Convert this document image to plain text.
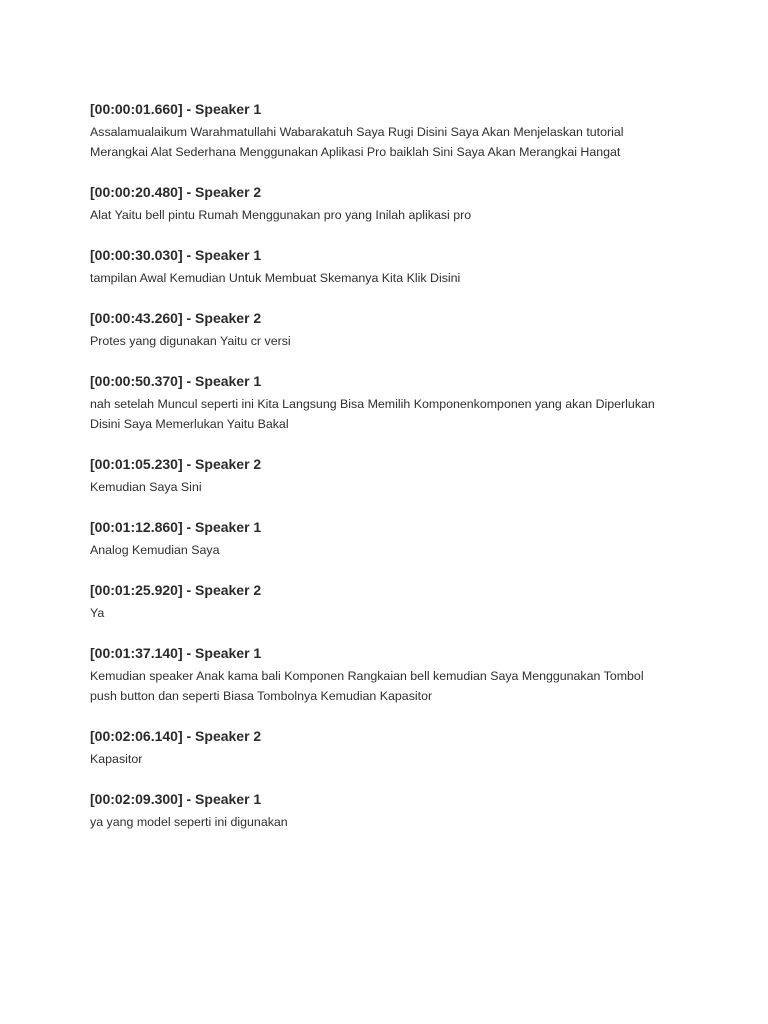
[00:00:01.660] - Speaker 1
Assalamualaikum Warahmatullahi Wabarakatuh Saya Rugi Disini Saya Akan Menjelaskan tutorial
Merangkai Alat Sederhana Menggunakan Aplikasi Pro baiklah Sini Saya Akan Merangkai Hangat
[00:00:20.480] - Speaker 2
Alat Yaitu bell pintu Rumah Menggunakan pro yang Inilah aplikasi pro
[00:00:30.030] - Speaker 1
tampilan Awal Kemudian Untuk Membuat Skemanya Kita Klik Disini
[00:00:43.260] - Speaker 2
Protes yang digunakan Yaitu cr versi
[00:00:50.370] - Speaker 1
nah setelah Muncul seperti ini Kita Langsung Bisa Memilih Komponenkomponen yang akan Diperlukan
Disini Saya Memerlukan Yaitu Bakal
[00:01:05.230] - Speaker 2
Kemudian Saya Sini
[00:01:12.860] - Speaker 1
Analog Kemudian Saya
[00:01:25.920] - Speaker 2
Ya
[00:01:37.140] - Speaker 1
Kemudian speaker Anak kama bali Komponen Rangkaian bell kemudian Saya Menggunakan Tombol
push button dan seperti Biasa Tombolnya Kemudian Kapasitor
[00:02:06.140] - Speaker 2
Kapasitor
[00:02:09.300] - Speaker 1
ya yang model seperti ini digunakan
